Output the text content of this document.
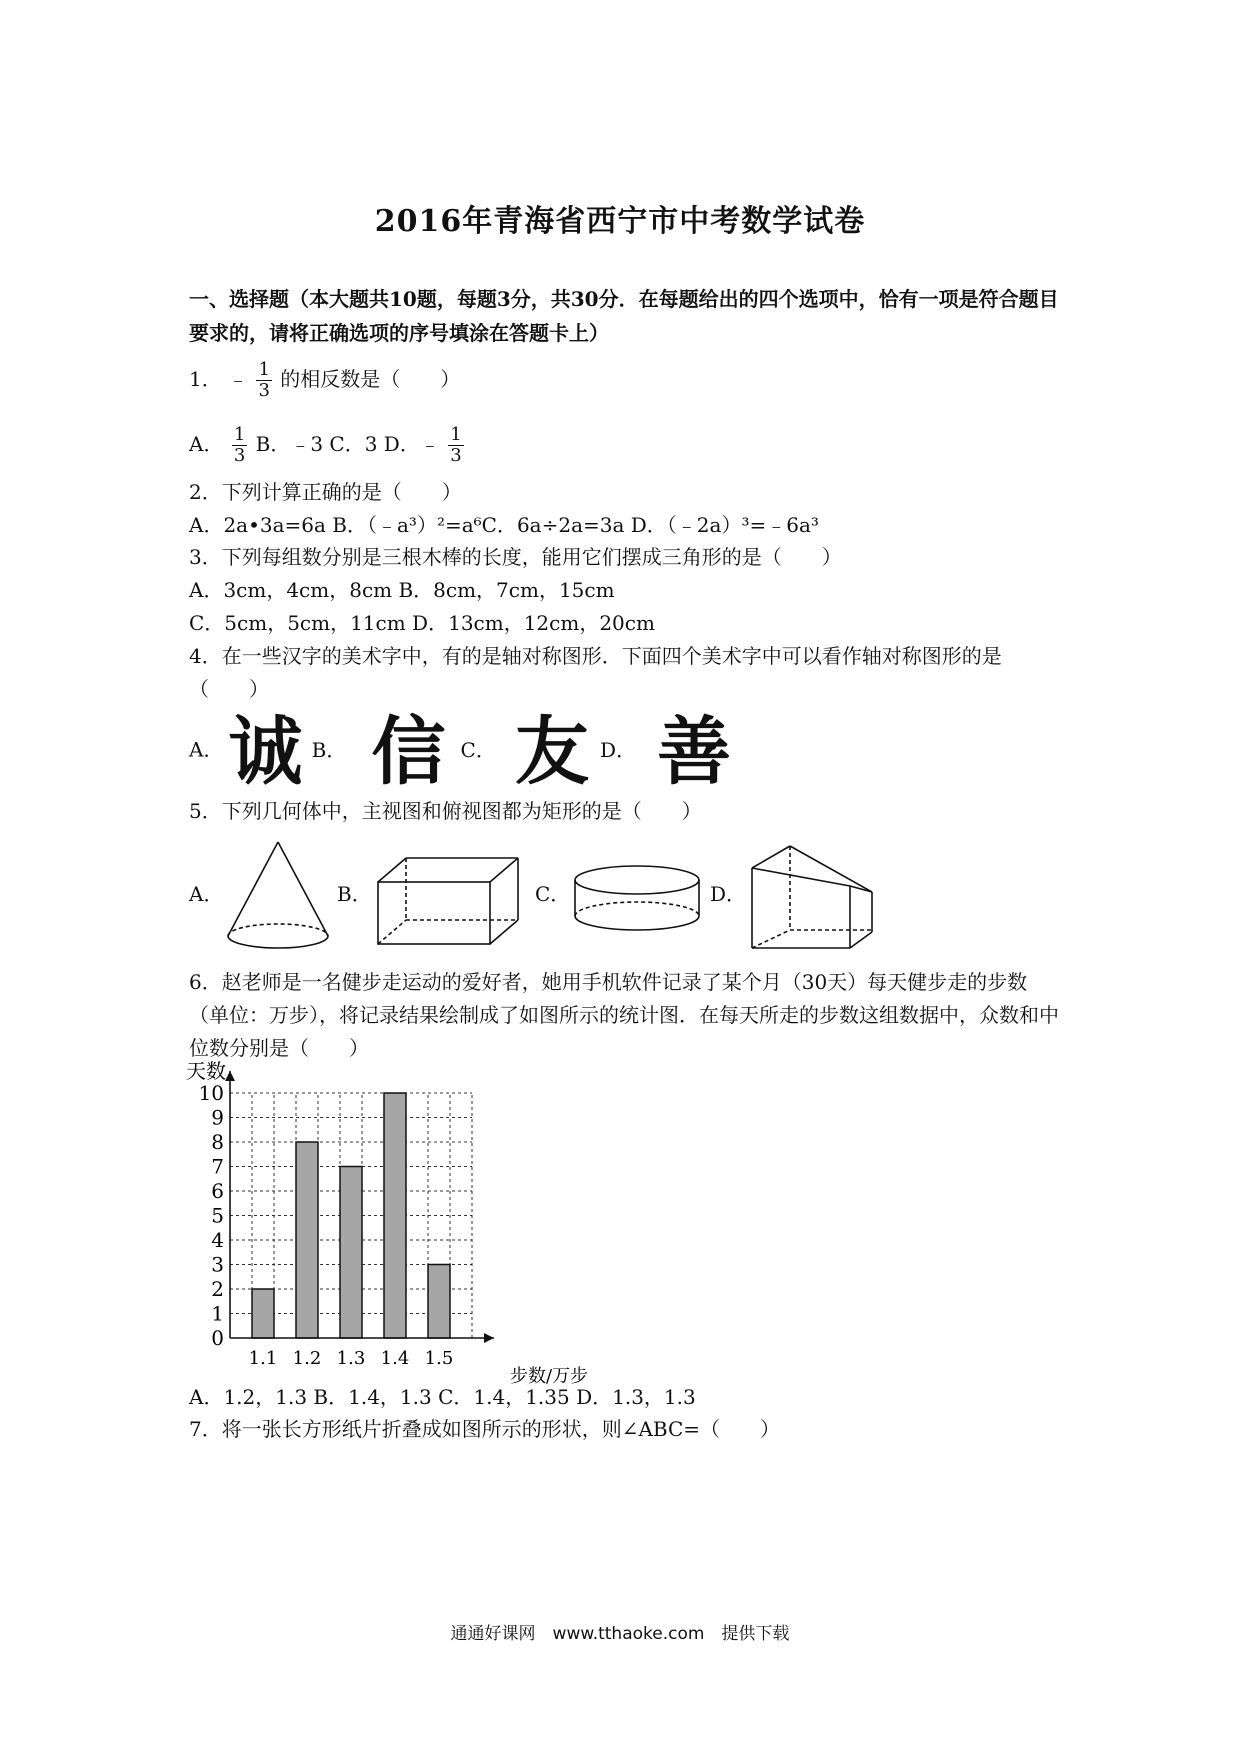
2016年青海省西宁市中考数学试卷
一、选择题（本大题共10题，每题3分，共30分．在每题给出的四个选项中，恰有一项是符合题目要求的，请将正确选项的序号填涂在答题卡上）
1． ﹣ $\frac{1}{3}$ 的相反数是（　　）
A． $\frac{1}{3}$ B．﹣3 C．3 D．﹣ $\frac{1}{3}$
2．下列计算正确的是（　　）
A．2a•3a=6a B．（﹣a³）²=a⁶C．6a÷2a=3a D．（﹣2a）³=﹣6a³
3．下列每组数分别是三根木棒的长度，能用它们摆成三角形的是（　　）
A．3cm，4cm，8cm B．8cm，7cm，15cm
C．5cm，5cm，11cm D．13cm，12cm，20cm
4．在一些汉字的美术字中，有的是轴对称图形．下面四个美术字中可以看作轴对称图形的是（　　）
A． 诚 B． 信 C． 友 D． 善
5．下列几何体中，主视图和俯视图都为矩形的是（　　）
A．	B．	C．	D．
6．赵老师是一名健步走运动的爱好者，她用手机软件记录了某个月（30天）每天健步走的步数（单位：万步），将记录结果绘制成了如图所示的统计图．在每天所走的步数这组数据中，众数和中位数分别是（　　）
0
1
2
3
4
5
6
7
8
9
10
1.1 1.2 1.3 1.4 1.5
天数
步数/万步
A．1.2，1.3 B．1.4，1.3 C．1.4，1.35 D．1.3，1.3
7．将一张长方形纸片折叠成如图所示的形状，则∠ABC=（　　）
通通好课网　www.tthaoke.com　提供下载
